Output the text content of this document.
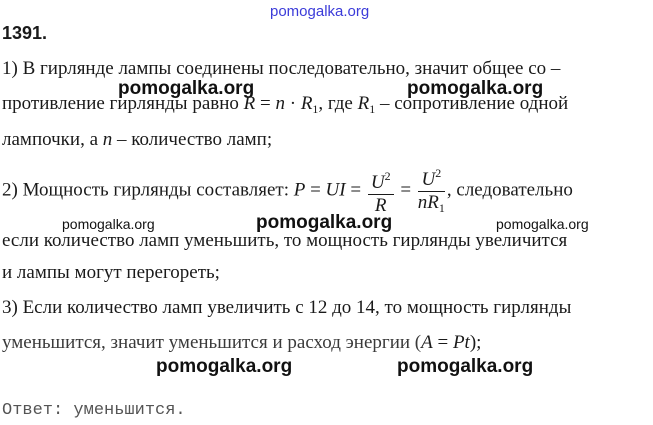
pomogalka.org
1391.
1) В гирлянде лампы соединены последовательно, значит общее со –
pomogalka.org	pomogalka.org
противление гирлянды равно $R = n \cdot R_1$, где $R_1$ – сопротивление одной
лампочки, а n – количество ламп;
2) Мощность гирлянды составляет: P = UI = $\frac{U^2}{R} = \frac{U^2}{nR_1}$ , следовательно
pomogalka.org	pomogalka.org	pomogalka.org
если количество ламп уменьшить, то мощность гирлянды увеличится
и лампы могут перегореть;
3) Если количество ламп увеличить с 12 до 14, то мощность гирлянды
уменьшится, значит уменьшится и расход энергии (A = Pt);
pomogalka.org	pomogalka.org
Ответ: уменьшится.
